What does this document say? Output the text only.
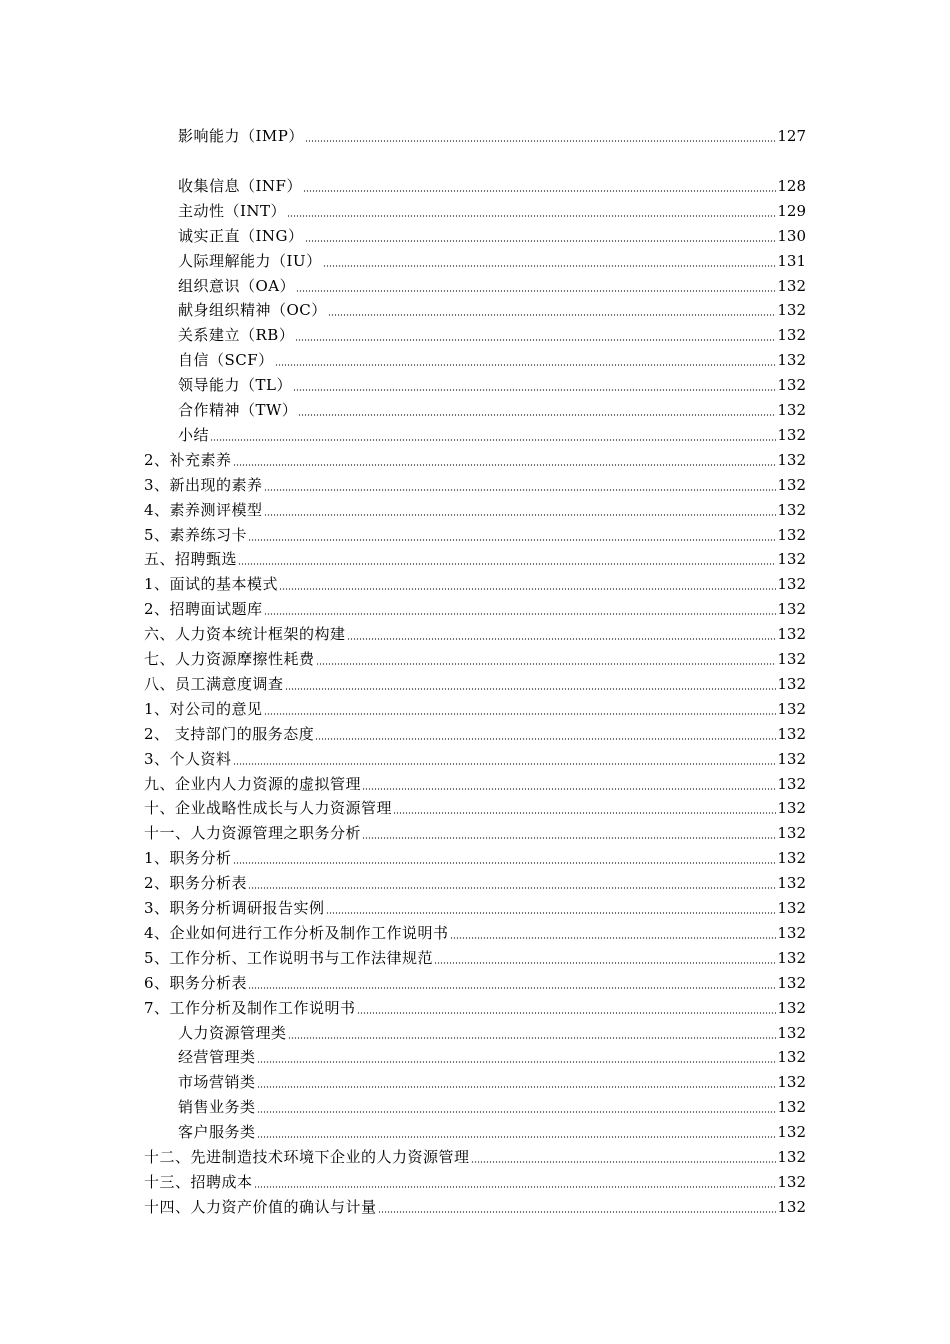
影响能力（IMP）	127
收集信息（INF）	128
主动性（INT）	129
诚实正直（ING）	130
人际理解能力（IU）	131
组织意识（OA）	132
献身组织精神（OC）	132
关系建立（RB）	132
自信（SCF）	132
领导能力（TL）	132
合作精神（TW）	132
小结	132
2、补充素养	132
3、新出现的素养	132
4、素养测评模型	132
5、素养练习卡	132
五、招聘甄选	132
1、面试的基本模式	132
2、招聘面试题库	132
六、人力资本统计框架的构建	132
七、人力资源摩擦性耗费	132
八、员工满意度调查	132
1、对公司的意见	132
2、 支持部门的服务态度	132
3、个人资料	132
九、企业内人力资源的虚拟管理	132
十、企业战略性成长与人力资源管理	132
十一、人力资源管理之职务分析	132
1、职务分析	132
2、职务分析表	132
3、职务分析调研报告实例	132
4、企业如何进行工作分析及制作工作说明书	132
5、工作分析、工作说明书与工作法律规范	132
6、职务分析表	132
7、工作分析及制作工作说明书	132
人力资源管理类	132
经营管理类	132
市场营销类	132
销售业务类	132
客户服务类	132
十二、先进制造技术环境下企业的人力资源管理	132
十三、招聘成本	132
十四、人力资产价值的确认与计量	132
